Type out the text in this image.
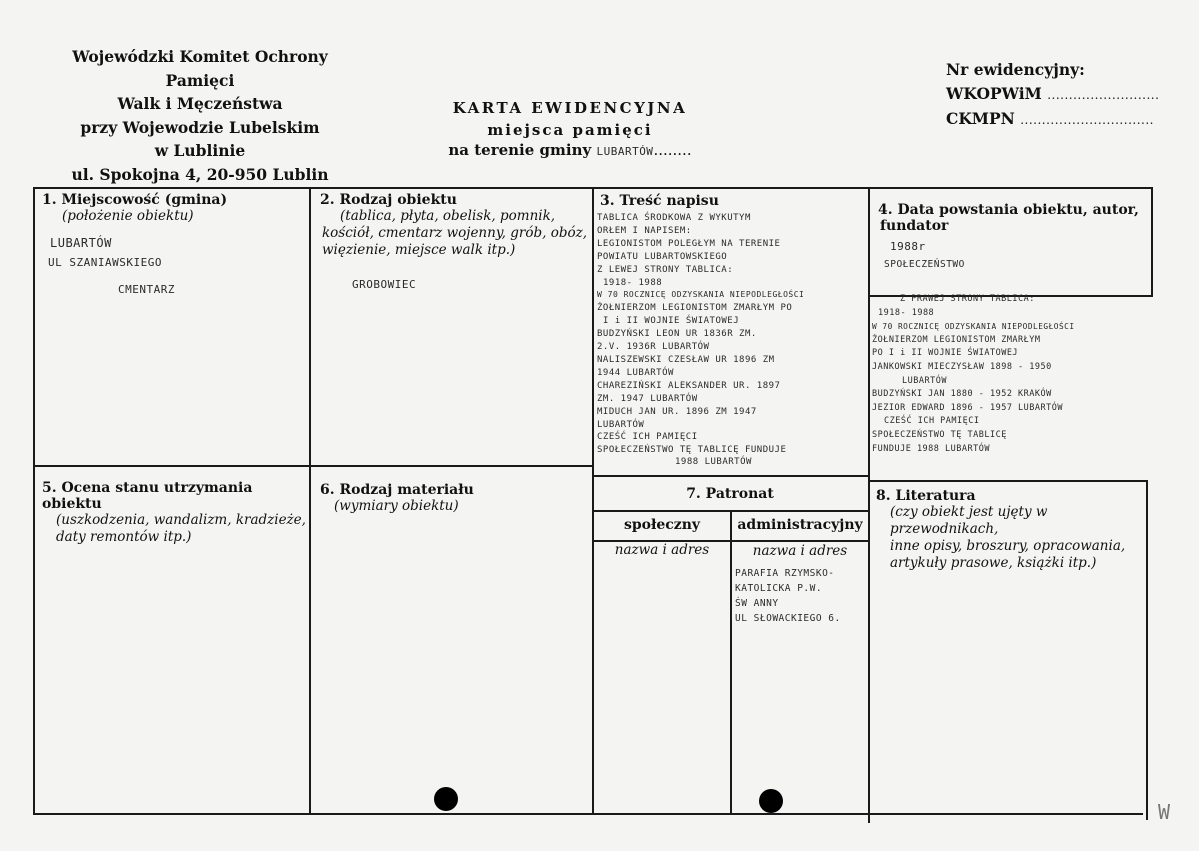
Wojewódzki Komitet Ochrony Pamięci
Walk i Męczeństwa
przy Wojewodzie Lubelskim
w Lublinie
ul. Spokojna 4, 20-950 Lublin
KARTA EWIDENCYJNA
miejsca pamięci
na terenie gminy LUBARTÓW........
Nr ewidencyjny:
WKOPWiM ..........................
CKMPN ...............................
1. Miejscowość (gmina)
(położenie obiektu)
LUBARTÓW
UL SZANIAWSKIEGO
CMENTARZ
2. Rodzaj obiektu
(tablica, płyta, obelisk, pomnik,
kościół, cmentarz wojenny, grób, obóz,
więzienie, miejsce walk itp.)
GROBOWIEC
3. Treść napisu
TABLICA ŚRODKOWA Z WYKUTYM
ORŁEM I NAPISEM:
LEGIONISTOM POLEGŁYM NA TERENIE
POWIATU LUBARTOWSKIEGO
Z LEWEJ STRONY TABLICA:
1918- 1988
W 70 ROCZNICĘ ODZYSKANIA NIEPODLEGŁOŚCI
ŻOŁNIERZOM LEGIONISTOM ZMARŁYM PO
I i II WOJNIE ŚWIATOWEJ
BUDZYŃSKI LEON UR 1836R ZM.
2.V. 1936R LUBARTÓW
NALISZEWSKI CZESŁAW UR 1896 ZM
1944 LUBARTÓW
CHAREZIŃSKI ALEKSANDER UR. 1897
ZM. 1947 LUBARTÓW
MIDUCH JAN UR. 1896 ZM 1947
LUBARTÓW
CZEŚĆ ICH PAMIĘCI
SPOŁECZEŃSTWO TĘ TABLICĘ FUNDUJE
1988 LUBARTÓW
4. Data powstania obiektu, autor,
fundator
1988r
SPOŁECZEŃSTWO
Z PRAWEJ STRONY TABLICA:
1918- 1988
W 70 ROCZNICĘ ODZYSKANIA NIEPODLEGŁOŚCI
ŻOŁNIERZOM LEGIONISTOM ZMARŁYM
PO I i II WOJNIE ŚWIATOWEJ
JANKOWSKI MIECZYSŁAW 1898 - 1950
LUBARTÓW
BUDZYŃSKI JAN 1880 - 1952 KRAKÓW
JEZIOR EDWARD 1896 - 1957 LUBARTÓW
CZEŚĆ ICH PAMIĘCI
SPOŁECZEŃSTWO TĘ TABLICĘ
FUNDUJE 1988 LUBARTÓW
5. Ocena stanu utrzymania obiektu
(uszkodzenia, wandalizm, kradzieże,
daty remontów itp.)
6. Rodzaj materiału
(wymiary obiektu)
7. Patronat
społeczny	administracyjny
nazwa i adres	nazwa i adres
PARAFIA RZYMSKO-
KATOLICKA P.W.
ŚW ANNY
UL SŁOWACKIEGO 6.
8. Literatura
(czy obiekt jest ujęty w przewodnikach,
inne opisy, broszury, opracowania,
artykuły prasowe, książki itp.)
W
